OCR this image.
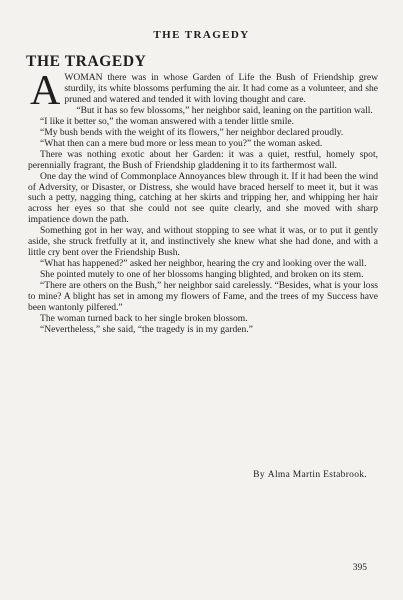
THE TRAGEDY
THE TRAGEDY

AWOMAN there was in whose Garden of Life the Bush of Friendship grew sturdily, its white blossoms perfuming the air. It had come as a volunteer, and she pruned and watered and tended it with loving thought and care.

“But it has so few blossoms,” her neighbor said, leaning on the partition wall.

“I like it better so,” the woman answered with a tender little smile.

“My bush bends with the weight of its flowers,” her neighbor declared proudly.

“What then can a mere bud more or less mean to you?” the woman asked.

There was nothing exotic about her Garden: it was a quiet, restful, homely spot, perennially fragrant, the Bush of Friendship gladdening it to its farthermost wall.

One day the wind of Commonplace Annoyances blew through it. If it had been the wind of Adversity, or Disaster, or Distress, she would have braced herself to meet it, but it was such a petty, nagging thing, catching at her skirts and tripping her, and whipping her hair across her eyes so that she could not see quite clearly, and she moved with sharp impatience down the path.

Something got in her way, and without stopping to see what it was, or to put it gently aside, she struck fretfully at it, and instinctively she knew what she had done, and with a little cry bent over the Friendship Bush.

“What has happened?” asked her neighbor, hearing the cry and looking over the wall.

She pointed mutely to one of her blossoms hanging blighted, and broken on its stem.

“There are others on the Bush,” her neighbor said carelessly. “Besides, what is your loss to mine? A blight has set in among my flowers of Fame, and the trees of my Success have been wantonly pilfered.”

The woman turned back to her single broken blossom.

“Nevertheless,” she said, “the tragedy is in my garden.”

By Alma Martin Estabrook.
395
